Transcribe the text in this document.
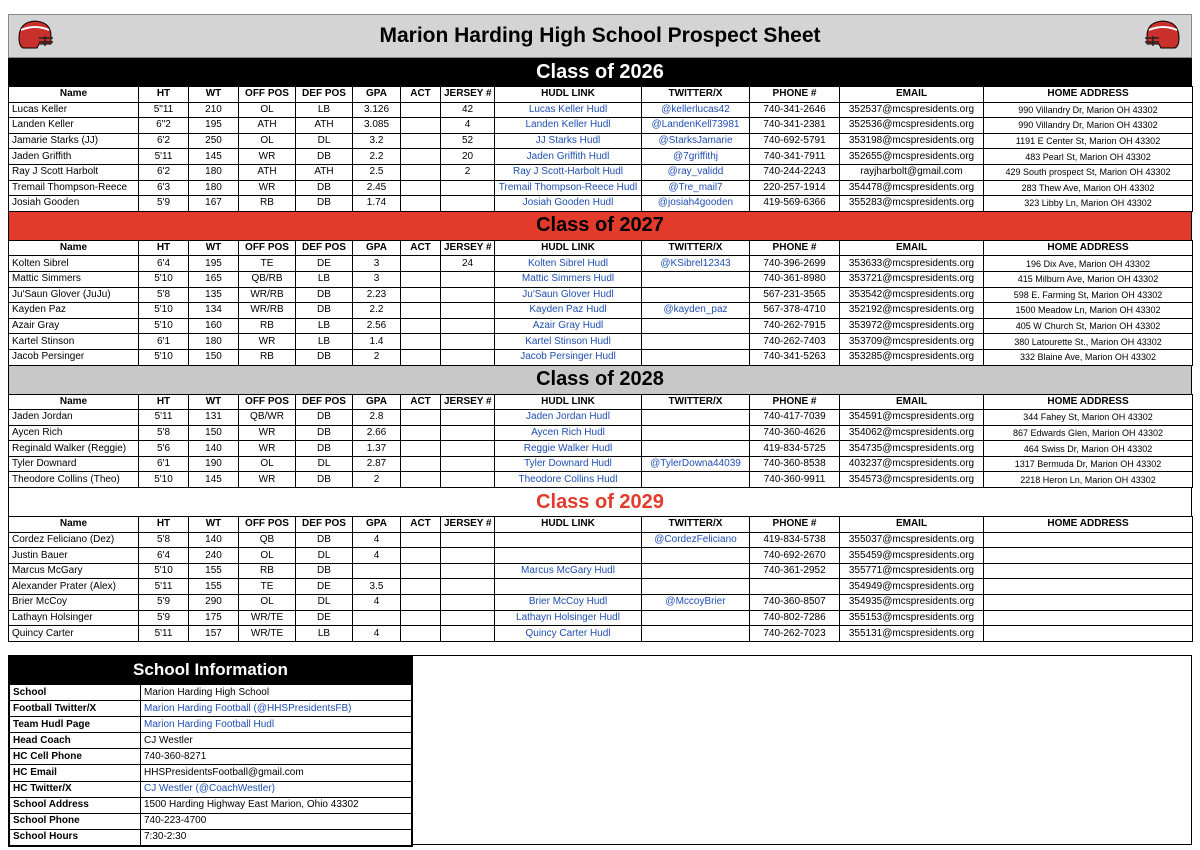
Marion Harding High School Prospect Sheet
Class of 2026
Name	HT	WT	OFF POS	DEF POS	GPA	ACT	JERSEY #	HUDL LINK	TWITTER/X	PHONE #	EMAIL	HOME ADDRESS
Lucas Keller	5"11	210	OL	LB	3.126		42	Lucas Keller Hudl	@kellerlucas42	740-341-2646	352537@mcspresidents.org	990 Villandry Dr, Marion OH 43302
Landen Keller	6"2	195	ATH	ATH	3.085		4	Landen Keller Hudl	@LandenKell73981	740-341-2381	352536@mcspresidents.org	990 Villandry Dr, Marion OH 43302
Jamarie Starks (JJ)	6'2	250	OL	DL	3.2		52	JJ Starks Hudl	@StarksJamarie	740-692-5791	353198@mcspresidents.org	1191 E Center St, Marion OH 43302
Jaden Griffith	5'11	145	WR	DB	2.2		20	Jaden Griffith Hudl	@7griffithj	740-341-7911	352655@mcspresidents.org	483 Pearl St, Marion OH 43302
Ray J Scott Harbolt	6'2	180	ATH	ATH	2.5		2	Ray J Scott-Harbolt Hudl	@ray_validd	740-244-2243	rayjharbolt@gmail.com	429 South prospect St, Marion OH 43302
Tremail Thompson-Reece	6'3	180	WR	DB	2.45			Tremail Thompson-Reece Hudl	@Tre_mail7	220-257-1914	354478@mcspresidents.org	283 Thew Ave, Marion OH 43302
Josiah Gooden	5'9	167	RB	DB	1.74			Josiah Gooden Hudl	@josiah4gooden	419-569-6366	355283@mcspresidents.org	323 Libby Ln, Marion OH 43302
Class of 2027
Name	HT	WT	OFF POS	DEF POS	GPA	ACT	JERSEY #	HUDL LINK	TWITTER/X	PHONE #	EMAIL	HOME ADDRESS
Kolten Sibrel	6'4	195	TE	DE	3		24	Kolten Sibrel Hudl	@KSibrel12343	740-396-2699	353633@mcspresidents.org	196 Dix Ave, Marion OH 43302
Mattic Simmers	5'10	165	QB/RB	LB	3			Mattic Simmers Hudl		740-361-8980	353721@mcspresidents.org	415 Milburn Ave, Marion OH 43302
Ju'Saun Glover (JuJu)	5'8	135	WR/RB	DB	2.23			Ju'Saun Glover Hudl		567-231-3565	353542@mcspresidents.org	598 E. Farming St, Marion OH 43302
Kayden Paz	5'10	134	WR/RB	DB	2.2			Kayden Paz Hudl	@kayden_paz	567-378-4710	352192@mcspresidents.org	1500 Meadow Ln, Marion OH 43302
Azair Gray	5'10	160	RB	LB	2.56			Azair Gray Hudl		740-262-7915	353972@mcspresidents.org	405 W Church St, Marion OH 43302
Kartel Stinson	6'1	180	WR	LB	1.4			Kartel Stinson Hudl		740-262-7403	353709@mcspresidents.org	380 Latourette St., Marion OH 43302
Jacob Persinger	5'10	150	RB	DB	2			Jacob Persinger Hudl		740-341-5263	353285@mcspresidents.org	332 Blaine Ave, Marion OH 43302
Class of 2028
Name	HT	WT	OFF POS	DEF POS	GPA	ACT	JERSEY #	HUDL LINK	TWITTER/X	PHONE #	EMAIL	HOME ADDRESS
Jaden Jordan	5'11	131	QB/WR	DB	2.8			Jaden Jordan Hudl		740-417-7039	354591@mcspresidents.org	344 Fahey St, Marion OH 43302
Aycen Rich	5'8	150	WR	DB	2.66			Aycen Rich Hudl		740-360-4626	354062@mcspresidents.org	867 Edwards Glen, Marion OH 43302
Reginald Walker (Reggie)	5'6	140	WR	DB	1.37			Reggie Walker Hudl		419-834-5725	354735@mcspresidents.org	464 Swiss Dr, Marion OH 43302
Tyler Downard	6'1	190	OL	DL	2.87			Tyler Downard Hudl	@TylerDowna44039	740-360-8538	403237@mcspresidents.org	1317 Bermuda Dr, Marion OH 43302
Theodore Collins (Theo)	5'10	145	WR	DB	2			Theodore Collins Hudl		740-360-9911	354573@mcspresidents.org	2218 Heron Ln, Marion OH 43302
Class of 2029
Name	HT	WT	OFF POS	DEF POS	GPA	ACT	JERSEY #	HUDL LINK	TWITTER/X	PHONE #	EMAIL	HOME ADDRESS
Cordez Feliciano (Dez)	5'8	140	QB	DB	4				@CordezFeliciano	419-834-5738	355037@mcspresidents.org	
Justin Bauer	6'4	240	OL	DL	4					740-692-2670	355459@mcspresidents.org	
Marcus McGary	5'10	155	RB	DB				Marcus McGary Hudl		740-361-2952	355771@mcspresidents.org	
Alexander Prater (Alex)	5'11	155	TE	DE	3.5						354949@mcspresidents.org	
Brier McCoy	5'9	290	OL	DL	4			Brier McCoy Hudl	@MccoyBrier	740-360-8507	354935@mcspresidents.org	
Lathayn Holsinger	5'9	175	WR/TE	DE				Lathayn Holsinger Hudl		740-802-7286	355153@mcspresidents.org	
Quincy Carter	5'11	157	WR/TE	LB	4			Quincy Carter Hudl		740-262-7023	355131@mcspresidents.org	
School Information
School	Marion Harding High School
Football Twitter/X	Marion Harding Football (@HHSPresidentsFB)
Team Hudl Page	Marion Harding Football Hudl
Head Coach	CJ Westler
HC Cell Phone	740-360-8271
HC Email	HHSPresidentsFootball@gmail.com
HC Twitter/X	CJ Westler (@CoachWestler)
School Address	1500 Harding Highway East Marion, Ohio 43302
School Phone	740-223-4700
School Hours	7:30-2:30
